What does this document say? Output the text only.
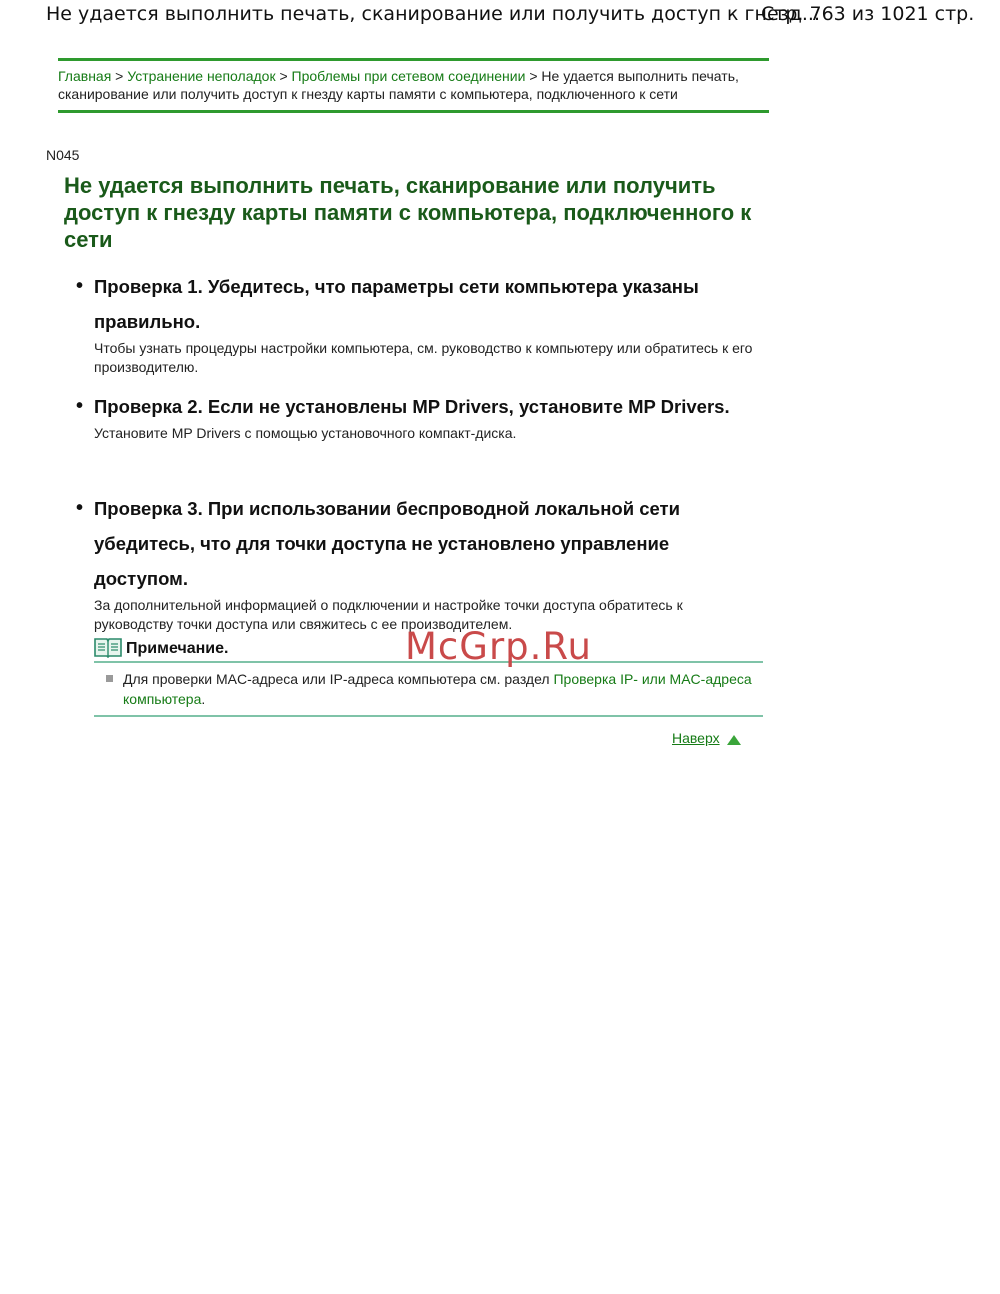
Не удается выполнить печать, сканирование или получить доступ к гнезд...
Стр. 763 из 1021 стр.
Главная > Устранение неполадок > Проблемы при сетевом соединении > Не удается выполнить печать, сканирование или получить доступ к гнезду карты памяти с компьютера, подключенного к сети
N045
Не удается выполнить печать, сканирование или получить доступ к гнезду карты памяти с компьютера, подключенного к сети
• Проверка 1. Убедитесь, что параметры сети компьютера указаны правильно.

Чтобы узнать процедуры настройки компьютера, см. руководство к компьютеру или обратитесь к его производителю.

• Проверка 2. Если не установлены MP Drivers, установите MP Drivers.

Установите MP Drivers с помощью установочного компакт-диска.

• Проверка 3. При использовании беспроводной локальной сети убедитесь, что для точки доступа не установлено управление доступом.

За дополнительной информацией о подключении и настройке точки доступа обратитесь к руководству точки доступа или свяжитесь с ее производителем.

Примечание.
Для проверки MAC-адреса или IP-адреса компьютера см. раздел Проверка IP- или MAC-адреса компьютера.
McGrp.Ru
Наверх
